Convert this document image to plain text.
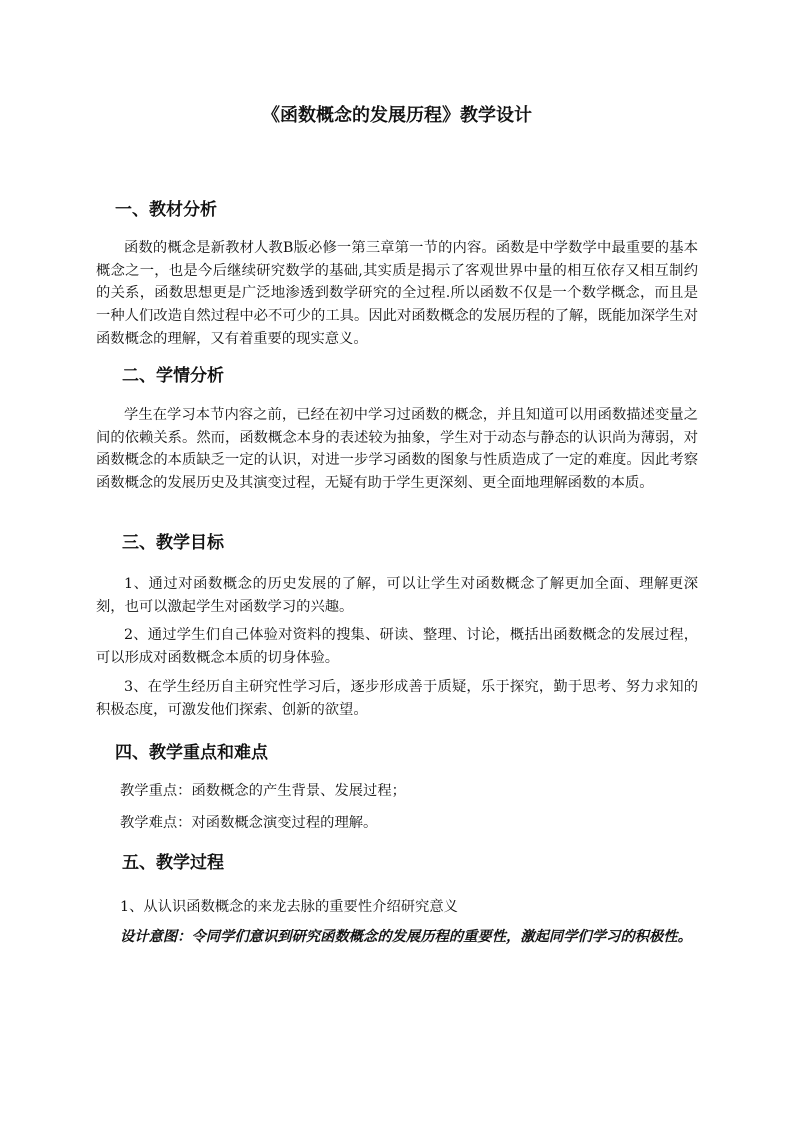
《函数概念的发展历程》教学设计
一、教材分析
函数的概念是新教材人教B版必修一第三章第一节的内容。函数是中学数学中最重要的基本概念之一，也是今后继续研究数学的基础,其实质是揭示了客观世界中量的相互依存又相互制约的关系，函数思想更是广泛地渗透到数学研究的全过程.所以函数不仅是一个数学概念，而且是一种人们改造自然过程中必不可少的工具。因此对函数概念的发展历程的了解，既能加深学生对函数概念的理解，又有着重要的现实意义。
二、学情分析
学生在学习本节内容之前，已经在初中学习过函数的概念，并且知道可以用函数描述变量之间的依赖关系。然而，函数概念本身的表述较为抽象，学生对于动态与静态的认识尚为薄弱，对函数概念的本质缺乏一定的认识，对进一步学习函数的图象与性质造成了一定的难度。因此考察函数概念的发展历史及其演变过程，无疑有助于学生更深刻、更全面地理解函数的本质。
三、教学目标
1、通过对函数概念的历史发展的了解，可以让学生对函数概念了解更加全面、理解更深刻，也可以激起学生对函数学习的兴趣。
2、通过学生们自己体验对资料的搜集、研读、整理、讨论，概括出函数概念的发展过程，可以形成对函数概念本质的切身体验。
3、在学生经历自主研究性学习后，逐步形成善于质疑，乐于探究，勤于思考、努力求知的积极态度，可激发他们探索、创新的欲望。
四、教学重点和难点
教学重点：函数概念的产生背景、发展过程；
教学难点：对函数概念演变过程的理解。
五、教学过程
1、从认识函数概念的来龙去脉的重要性介绍研究意义
设计意图：令同学们意识到研究函数概念的发展历程的重要性，激起同学们学习的积极性。
